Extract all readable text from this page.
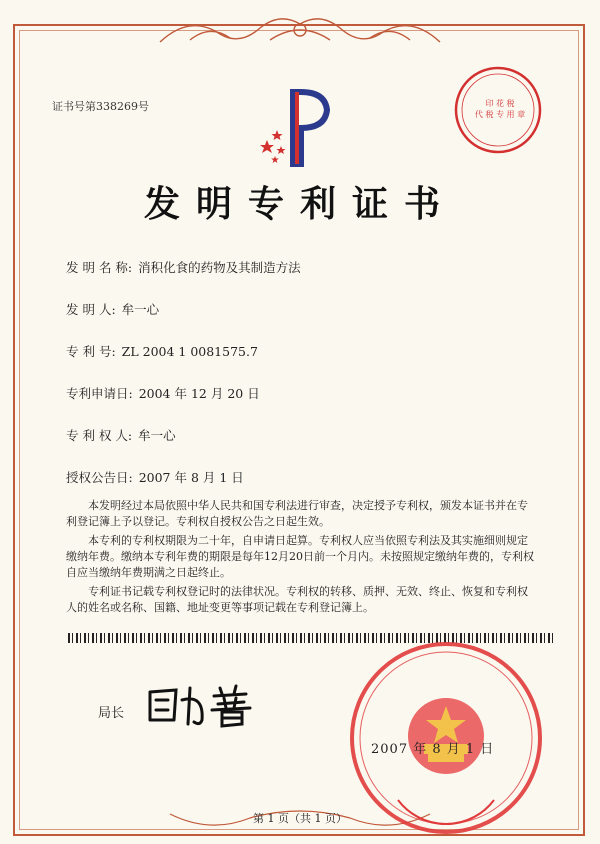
证书号第338269号	印 花 税
代 税 专 用 章
发明专利证书
发 明 名 称: 消积化食的药物及其制造方法
发 明 人: 牟一心
专 利 号: ZL 2004 1 0081575.7
专利申请日: 2004 年 12 月 20 日
专 利 权 人: 牟一心
授权公告日: 2007 年 8 月 1 日

本发明经过本局依照中华人民共和国专利法进行审查，决定授予专利权，颁发本证书并在专利登记簿上予以登记。专利权自授权公告之日起生效。

本专利的专利权期限为二十年，自申请日起算。专利权人应当依照专利法及其实施细则规定缴纳年费。缴纳本专利年费的期限是每年12月20日前一个月内。未按照规定缴纳年费的，专利权自应当缴纳年费期满之日起终止。

专利证书记载专利权登记时的法律状况。专利权的转移、质押、无效、终止、恢复和专利权人的姓名或名称、国籍、地址变更等事项记载在专利登记簿上。

局长
2007 年 8 月 1 日
第 1 页（共 1 页）
